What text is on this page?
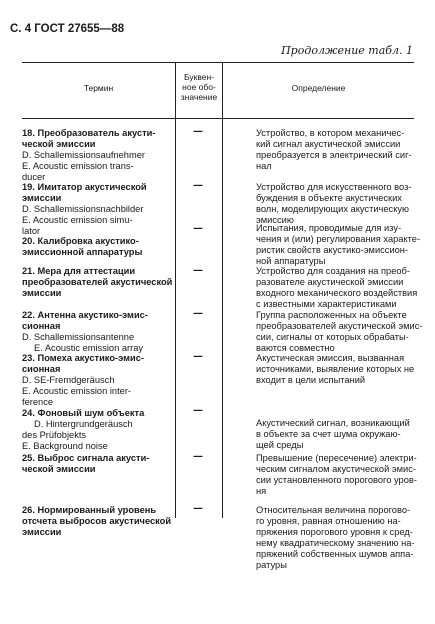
С. 4 ГОСТ 27655—88
Продолжение табл. 1
Термин
Буквен-
ное обо-
значение
Определение
18. Преобразователь акусти-
ческой эмиссии
D. Schallemissionsaufnehmer
E. Acoustic emission trans-
ducer
—	Устройство, в котором механичес-
кий сигнал акустической эмиссии
преобразуется в электрический сиг-
нал
19. Имитатор акустической
эмиссии
D. Schallemissionsnachbilder
E. Acoustic emission simu-
lator
—	Устройство для искусственного воз-
буждения в объекте акустических
волн, моделирующих акустическую
эмиссию
20. Калибровка акустико-
эмиссионной аппаратуры
—	Испытания, проводимые для изу-
чения и (или) регулирования характе-
ристик свойств акустико-эмиссион-
ной аппаратуры
21. Мера для аттестации
преобразователей акустической
эмиссии
—	Устройство для создания на преоб-
разователе акустической эмиссии
входного механического воздействия
с известными характеристиками
22. Антенна акустико-эмис-
сионная
D. Schallemissionsantenne
E. Acoustic emission array
—	Группа расположенных на объекте
преобразователей акустической эмис-
сии, сигналы от которых обрабаты-
ваются совместно
23. Помеха акустико-эмис-
сионная
D. SE-Fremdgeräusch
E. Acoustic emission inter-
ference
—	Акустическая эмиссия, вызванная
источниками, выявление которых не
входит в цели испытаний
24. Фоновый шум объекта
D. Hintergrundgeräusch
des Prüfobjekts
E. Background noise
—
Акустический сигнал, возникающий
в объекте за счет шума окружаю-
щей среды
25. Выброс сигнала акусти-
ческой эмиссии
—	Превышение (пересечение) электри-
ческим сигналом акустической эмис-
сии установленного порогового уров-
ня
26. Нормированный уровень
отсчета выбросов акустической
эмиссии
—	Относительная величина порогово-
го уровня, равная отношению на-
пряжения порогового уровня к сред-
нему квадратическому значению на-
пряжений собственных шумов аппа-
ратуры
